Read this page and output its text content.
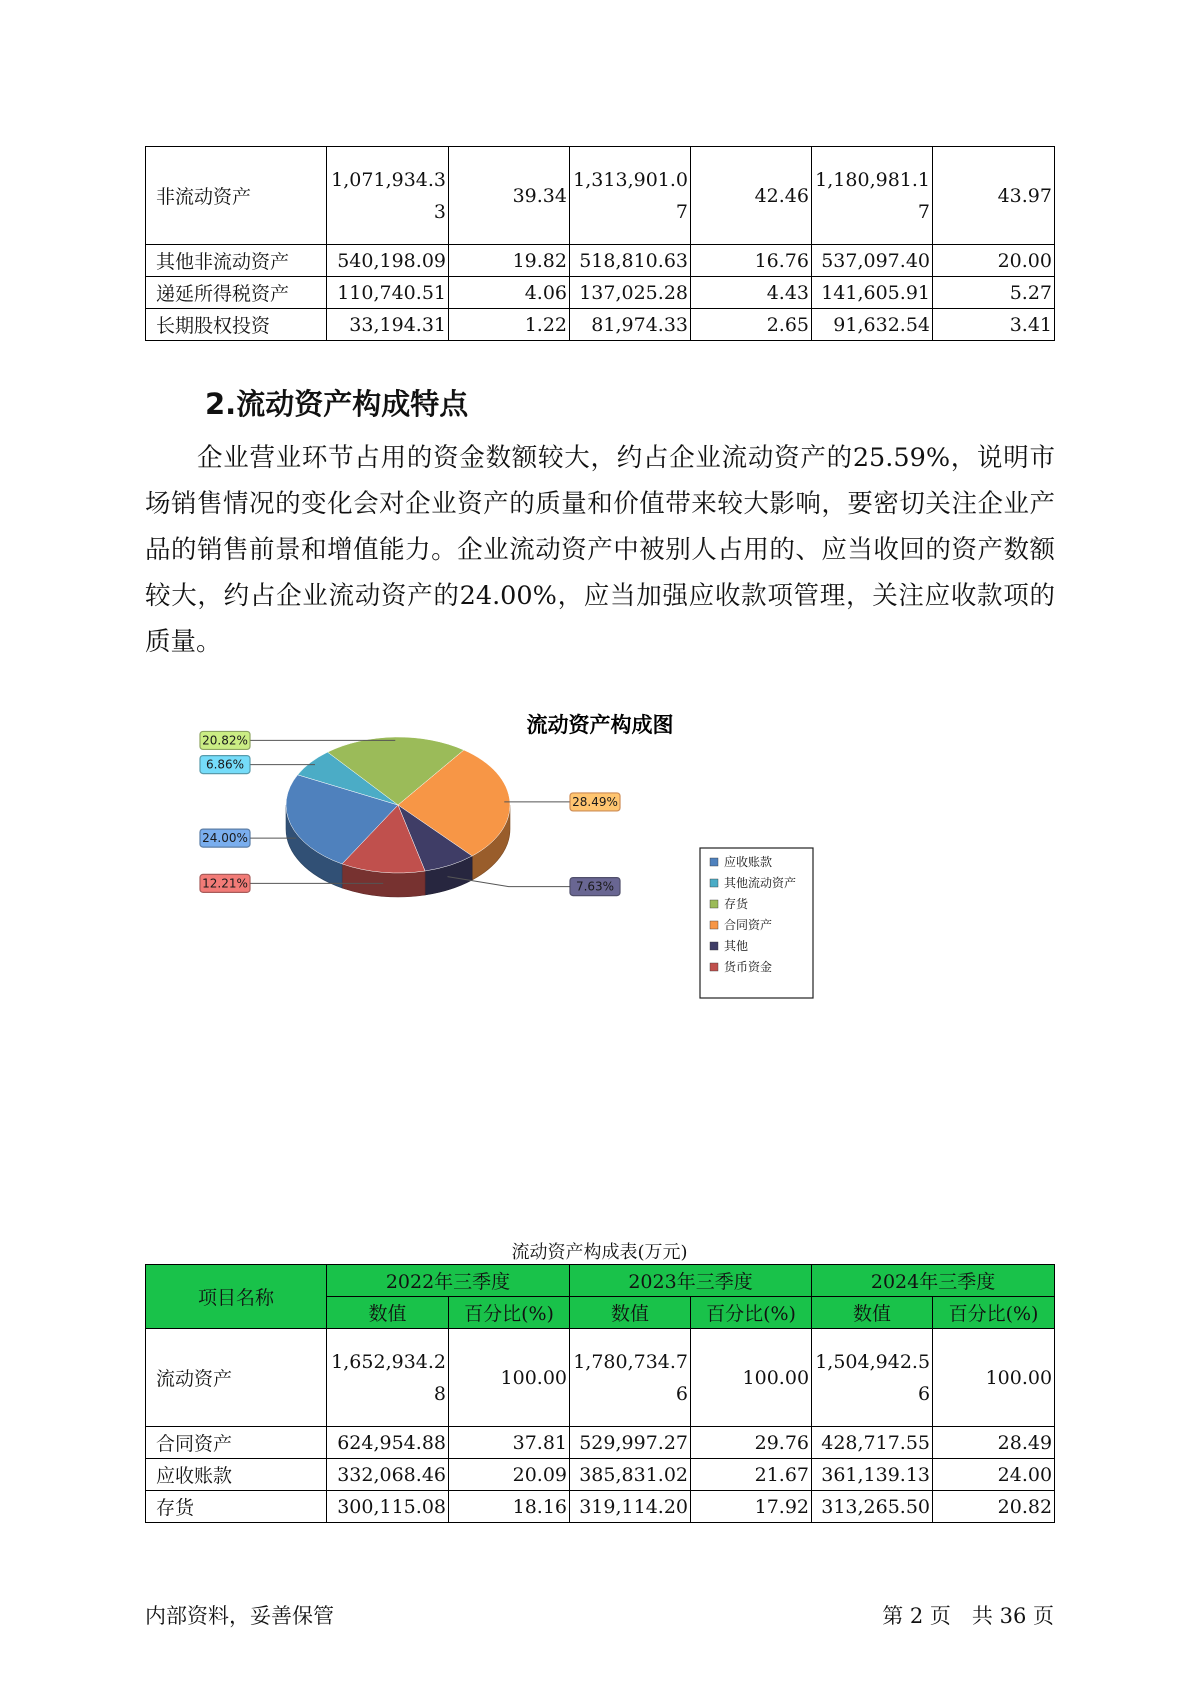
非流动资产	1,071,934.33	39.34	1,313,901.07	42.46	1,180,981.17	43.97
其他非流动资产	540,198.09	19.82	518,810.63	16.76	537,097.40	20.00
递延所得税资产	110,740.51	4.06	137,025.28	4.43	141,605.91	5.27
长期股权投资	33,194.31	1.22	81,974.33	2.65	91,632.54	3.41
2.流动资产构成特点

企业营业环节占用的资金数额较大，约占企业流动资产的25.59%，说明市场销售情况的变化会对企业资产的质量和价值带来较大影响，要密切关注企业产品的销售前景和增值能力。企业流动资产中被别人占用的、应当收回的资产数额较大，约占企业流动资产的24.00%，应当加强应收款项管理，关注应收款项的质量。

流动资产构成图
28.49%
7.63%
12.21%
24.00%
6.86%
20.82%
应收账款
其他流动资产
存货
合同资产
其他
货币资金
流动资产构成表(万元)
项目名称	2022年三季度		2023年三季度		2024年三季度	
	数值	百分比(%)	数值	百分比(%)	数值	百分比(%)
流动资产	1,652,934.28	100.00	1,780,734.76	100.00	1,504,942.56	100.00
合同资产	624,954.88	37.81	529,997.27	29.76	428,717.55	28.49
应收账款	332,068.46	20.09	385,831.02	21.67	361,139.13	24.00
存货	300,115.08	18.16	319,114.20	17.92	313,265.50	20.82
内部资料，妥善保管	第 2 页　共 36 页
